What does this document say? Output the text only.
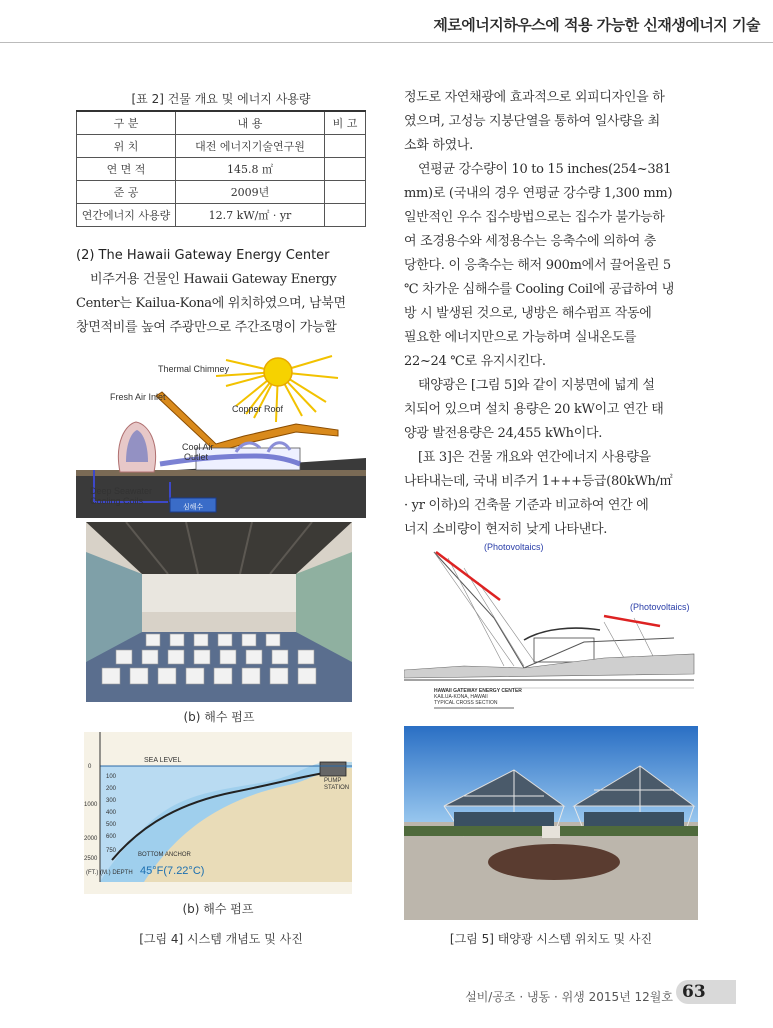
제로에너지하우스에 적용 가능한 신재생에너지 기술
[표 2] 건물 개요 및 에너지 사용량
구 분	내 용	비 고
위 치	대전 에너지기술연구원	
연 면 적	145.8 ㎡	
준 공	2009년	
연간에너지 사용량	12.7 kW/㎡ · yr	
(2) The Hawaii Gateway Energy Center

비주거용 건물인 Hawaii Gateway Energy

Center는 Kailua-Kona에 위치하였으며, 남북면

창면적비를 높여 주광만으로 주간조명이 가능할

정도로 자연채광에 효과적으로 외피디자인을 하

였으며, 고성능 지붕단열을 통하여 일사량을 최

소화 하였나.

연평균 강수량이 10 to 15 inches(254~381

mm)로 (국내의 경우 연평균 강수량 1,300 mm)

일반적인 우수 집수방법으로는 집수가 불가능하

여 조경용수와 세정용수는 응축수에 의하여 충

당한다. 이 응축수는 해저 900m에서 끌어올린 5

℃ 차가운 심해수를 Cooling Coil에 공급하여 냉

방 시 발생된 것으로, 냉방은 해수펌프 작동에

필요한 에너지만으로 가능하며 실내온도를

22~24 ℃로 유지시킨다.

태양광은 [그림 5]와 같이 지붕면에 넓게 설

치되어 있으며 설치 용량은 20 kW이고 연간 태

양광 발전용량은 24,455 kWh이다.

[표 3]은 건물 개요와 연간에너지 사용량을

나타내는데, 국내 비주거 1+++등급(80kWh/㎡

· yr 이하)의 건축물 기준과 비교하여 연간 에

너지 소비량이 현저히 낮게 나타낸다.

심해수
Thermal Chimney
Fresh Air Inlet
Copper Roof
Cool Air
Outlet
Deep Seawater
Cooling Coils
(b) 해수 펌프
SEA LEVEL
PUMP
STATION
BOTTOM ANCHOR
45°F(7.22°C)
0
1000
2000
2500
100
200
300
400
500
600
750
(FT.) (M.) DEPTH
(b) 해수 펌프
[그림 4] 시스템 개념도 및 사진
(Photovoltaics)
(Photovoltaics)
HAWAII GATEWAY ENERGY CENTER
KAILUA-KONA, HAWAII
TYPICAL CROSS SECTION
[그림 5] 태양광 시스템 위치도 및 사진
설비/공조 · 냉동 · 위생 2015년 12월호 63
